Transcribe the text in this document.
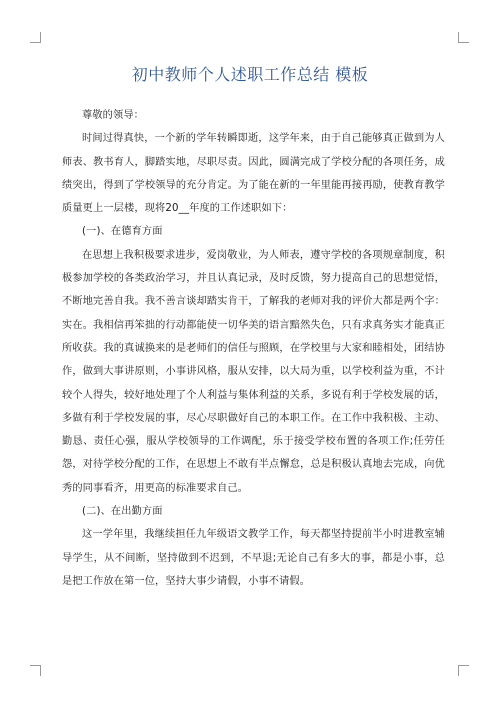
初中教师个人述职工作总结 模板

尊敬的领导：

时间过得真快，一个新的学年转瞬即逝，这学年来，由于自己能够真正做到为人师表、教书育人，脚踏实地，尽职尽责。因此，圆满完成了学校分配的各项任务，成绩突出，得到了学校领导的充分肯定。为了能在新的一年里能再接再励，使教育教学质量更上一层楼，现将20__年度的工作述职如下：

(一)、在德育方面

在思想上我积极要求进步，爱岗敬业，为人师表，遵守学校的各项规章制度，积极参加学校的各类政治学习，并且认真记录，及时反馈，努力提高自己的思想觉悟，不断地完善自我。我不善言谈却踏实肯干，了解我的老师对我的评价大都是两个字：实在。我相信再笨拙的行动都能使一切华美的语言黯然失色，只有求真务实才能真正所收获。我的真诚换来的是老师们的信任与照顾，在学校里与大家和睦相处，团结协作，做到大事讲原则，小事讲风格，服从安排，以大局为重，以学校利益为重，不计较个人得失，较好地处理了个人利益与集体利益的关系，多说有利于学校发展的话，多做有利于学校发展的事，尽心尽职做好自己的本职工作。在工作中我积极、主动、勤恳、责任心强，服从学校领导的工作调配，乐于接受学校布置的各项工作;任劳任怨，对待学校分配的工作，在思想上不敢有半点懈怠，总是积极认真地去完成，向优秀的同事看齐，用更高的标准要求自己。

(二)、在出勤方面

这一学年里，我继续担任九年级语文教学工作，每天都坚持提前半小时进教室辅导学生，从不间断，坚持做到不迟到，不早退;无论自己有多大的事，都是小事，总是把工作放在第一位，坚持大事少请假，小事不请假。
